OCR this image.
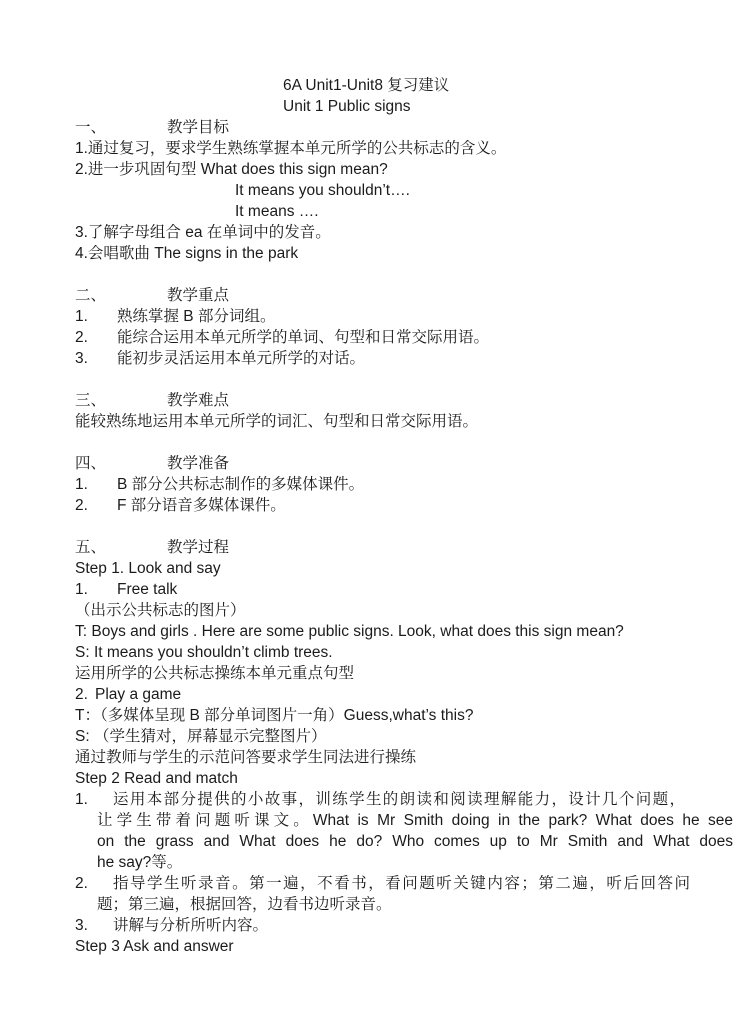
6A Unit1-Unit8 复习建议
Unit 1 Public signs
一、	教学目标
1.通过复习，要求学生熟练掌握本单元所学的公共标志的含义。
2.进一步巩固句型 What does this sign mean?
It means you shouldn’t….
It means ….
3.了解字母组合 ea 在单词中的发音。
4.会唱歌曲 The signs in the park
二、	教学重点
1. 熟练掌握 B 部分词组。
2. 能综合运用本单元所学的单词、句型和日常交际用语。
3. 能初步灵活运用本单元所学的对话。
三、	教学难点
能较熟练地运用本单元所学的词汇、句型和日常交际用语。
四、	教学准备
1. B 部分公共标志制作的多媒体课件。
2. F 部分语音多媒体课件。
五、	教学过程
Step 1. Look and say
1. Free talk
（出示公共标志的图片）
T: Boys and girls . Here are some public signs. Look, what does this sign mean?
S: It means you shouldn’t climb trees.
运用所学的公共标志操练本单元重点句型
2. Play a game
T：（多媒体呈现 B 部分单词图片一角）Guess,what’s this?
S: （学生猜对，屏幕显示完整图片）
通过教师与学生的示范问答要求学生同法进行操练
Step 2 Read and match
1. 运用本部分提供的小故事，训练学生的朗读和阅读理解能力，设计几个问题，
让学生带着问题听课文。What is Mr Smith doing in the park? What does he see
on the grass and What does he do? Who comes up to Mr Smith and What does
he say?等。
2. 指导学生听录音。第一遍，不看书，看问题听关键内容；第二遍，听后回答问
题；第三遍，根据回答，边看书边听录音。
3. 讲解与分析所听内容。
Step 3 Ask and answer
